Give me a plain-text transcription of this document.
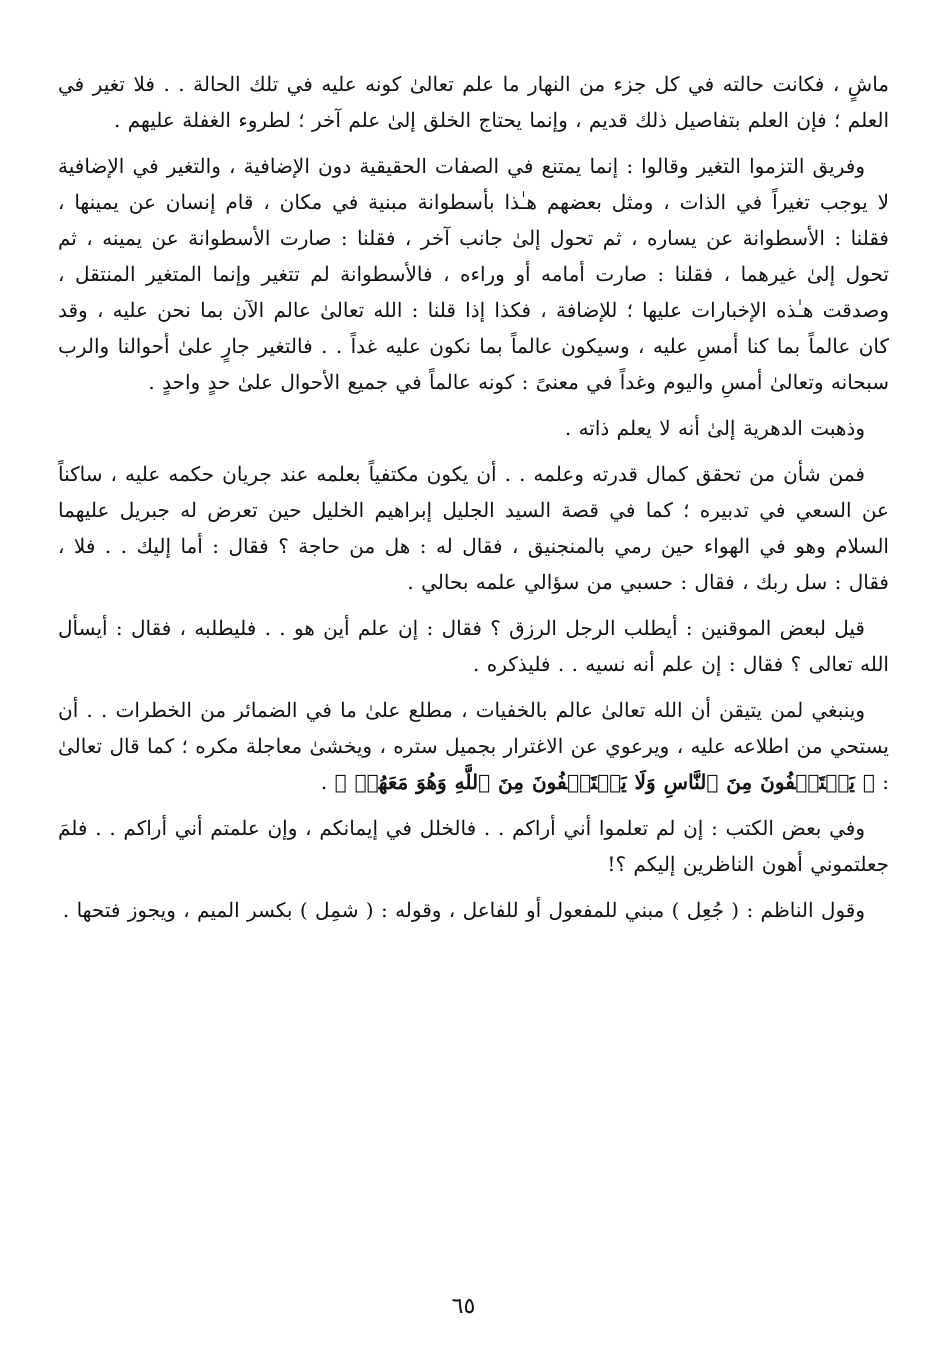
ماشٍ ، فكانت حالته في كل جزء من النهار ما علم تعالىٰ كونه عليه في تلك الحالة . . فلا تغير في العلم ؛ فإن العلم بتفاصيل ذلك قديم ، وإنما يحتاج الخلق إلىٰ علم آخر ؛ لطروء الغفلة عليهم .

وفريق التزموا التغير وقالوا : إنما يمتنع في الصفات الحقيقية دون الإضافية ، والتغير في الإضافية لا يوجب تغيراً في الذات ، ومثل بعضهم هـٰذا بأسطوانة مبنية في مكان ، قام إنسان عن يمينها ، فقلنا : الأسطوانة عن يساره ، ثم تحول إلىٰ جانب آخر ، فقلنا : صارت الأسطوانة عن يمينه ، ثم تحول إلىٰ غيرهما ، فقلنا : صارت أمامه أو وراءه ، فالأسطوانة لم تتغير وإنما المتغير المنتقل ، وصدقت هـٰذه الإخبارات عليها ؛ للإضافة ، فكذا إذا قلنا : الله تعالىٰ عالم الآن بما نحن عليه ، وقد كان عالماً بما كنا أمسِ عليه ، وسيكون عالماً بما نكون عليه غداً . . فالتغير جارٍ علىٰ أحوالنا والرب سبحانه وتعالىٰ أمسِ واليوم وغداً في معنىً : كونه عالماً في جميع الأحوال علىٰ حدٍ واحدٍ .

وذهبت الدهرية إلىٰ أنه لا يعلم ذاته .

فمن شأن من تحقق كمال قدرته وعلمه . . أن يكون مكتفياً بعلمه عند جريان حكمه عليه ، ساكناً عن السعي في تدبيره ؛ كما في قصة السيد الجليل إبراهيم الخليل حين تعرض له جبريل عليهما السلام وهو في الهواء حين رمي بالمنجنيق ، فقال له : هل من حاجة ؟ فقال : أما إليك . . فلا ، فقال : سل ربك ، فقال : حسبي من سؤالي علمه بحالي .

قيل لبعض الموقنين : أيطلب الرجل الرزق ؟ فقال : إن علم أين هو . . فليطلبه ، فقال : أيسأل الله تعالى ؟ فقال : إن علم أنه نسيه . . فليذكره .

وينبغي لمن يتيقن أن الله تعالىٰ عالم بالخفيات ، مطلع علىٰ ما في الضمائر من الخطرات . . أن يستحي من اطلاعه عليه ، ويرعوي عن الاغترار بجميل ستره ، ويخشىٰ معاجلة مكره ؛ كما قال تعالىٰ : ﴿ يَسۡتَخۡفُونَ مِنَ ٱلنَّاسِ وَلَا يَسۡتَخۡفُونَ مِنَ ٱللَّهِ وَهُوَ مَعَهُمۡ ﴾ .

وفي بعض الكتب : إن لم تعلموا أني أراكم . . فالخلل في إيمانكم ، وإن علمتم أني أراكم . . فلمَ جعلتموني أهون الناظرين إليكم ؟!

وقول الناظم : ( جُعِل ) مبني للمفعول أو للفاعل ، وقوله : ( شمِل ) بكسر الميم ، ويجوز فتحها .

٦٥
